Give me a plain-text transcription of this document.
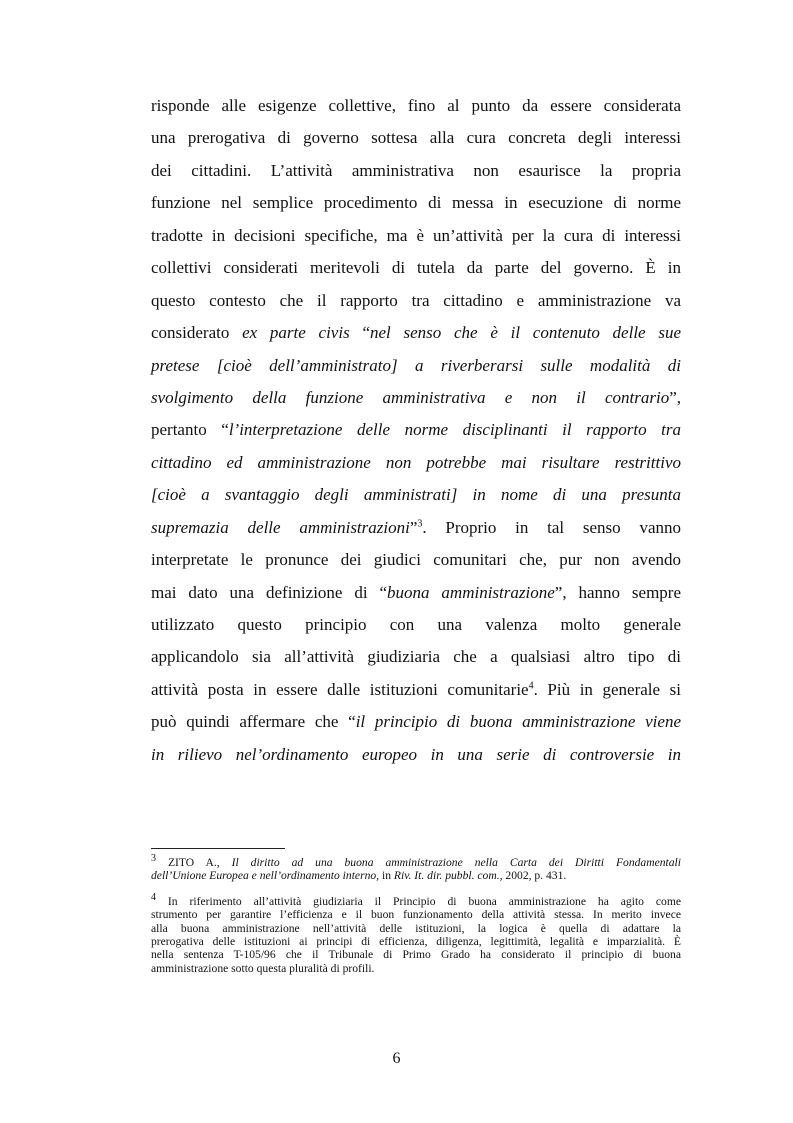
risponde alle esigenze collettive, fino al punto da essere considerata
una prerogativa di governo sottesa alla cura concreta degli interessi
dei cittadini. L’attività amministrativa non esaurisce la propria
funzione nel semplice procedimento di messa in esecuzione di norme
tradotte in decisioni specifiche, ma è un’attività per la cura di interessi
collettivi considerati meritevoli di tutela da parte del governo. È in
questo contesto che il rapporto tra cittadino e amministrazione va
considerato ex parte civis “nel senso che è il contenuto delle sue
pretese [cioè dell’amministrato] a riverberarsi sulle modalità di
svolgimento della funzione amministrativa e non il contrario”,
pertanto “l’interpretazione delle norme disciplinanti il rapporto tra
cittadino ed amministrazione non potrebbe mai risultare restrittivo
[cioè a svantaggio degli amministrati] in nome di una presunta
supremazia delle amministrazioni”$^3$. Proprio in tal senso vanno
interpretate le pronunce dei giudici comunitari che, pur non avendo
mai dato una definizione di “buona amministrazione”, hanno sempre
utilizzato questo principio con una valenza molto generale
applicandolo sia all’attività giudiziaria che a qualsiasi altro tipo di
attività posta in essere dalle istituzioni comunitarie$^4$. Più in generale si
può quindi affermare che “il principio di buona amministrazione viene
in rilievo nel’ordinamento europeo in una serie di controversie in
$^3$ ZITO A., Il diritto ad una buona amministrazione nella Carta dei Diritti Fondamentali
dell’Unione Europea e nell’ordinamento interno, in Riv. It. dir. pubbl. com., 2002, p. 431.
$^4$ In riferimento all’attività giudiziaria il Principio di buona amministrazione ha agito come
strumento per garantire l’efficienza e il buon funzionamento della attività stessa. In merito invece
alla buona amministrazione nell’attività delle istituzioni, la logica è quella di adattare la
prerogativa delle istituzioni ai principi di efficienza, diligenza, legittimità, legalità e imparzialità. È
nella sentenza T-105/96 che il Tribunale di Primo Grado ha considerato il principio di buona
amministrazione sotto questa pluralità di profili.
6
